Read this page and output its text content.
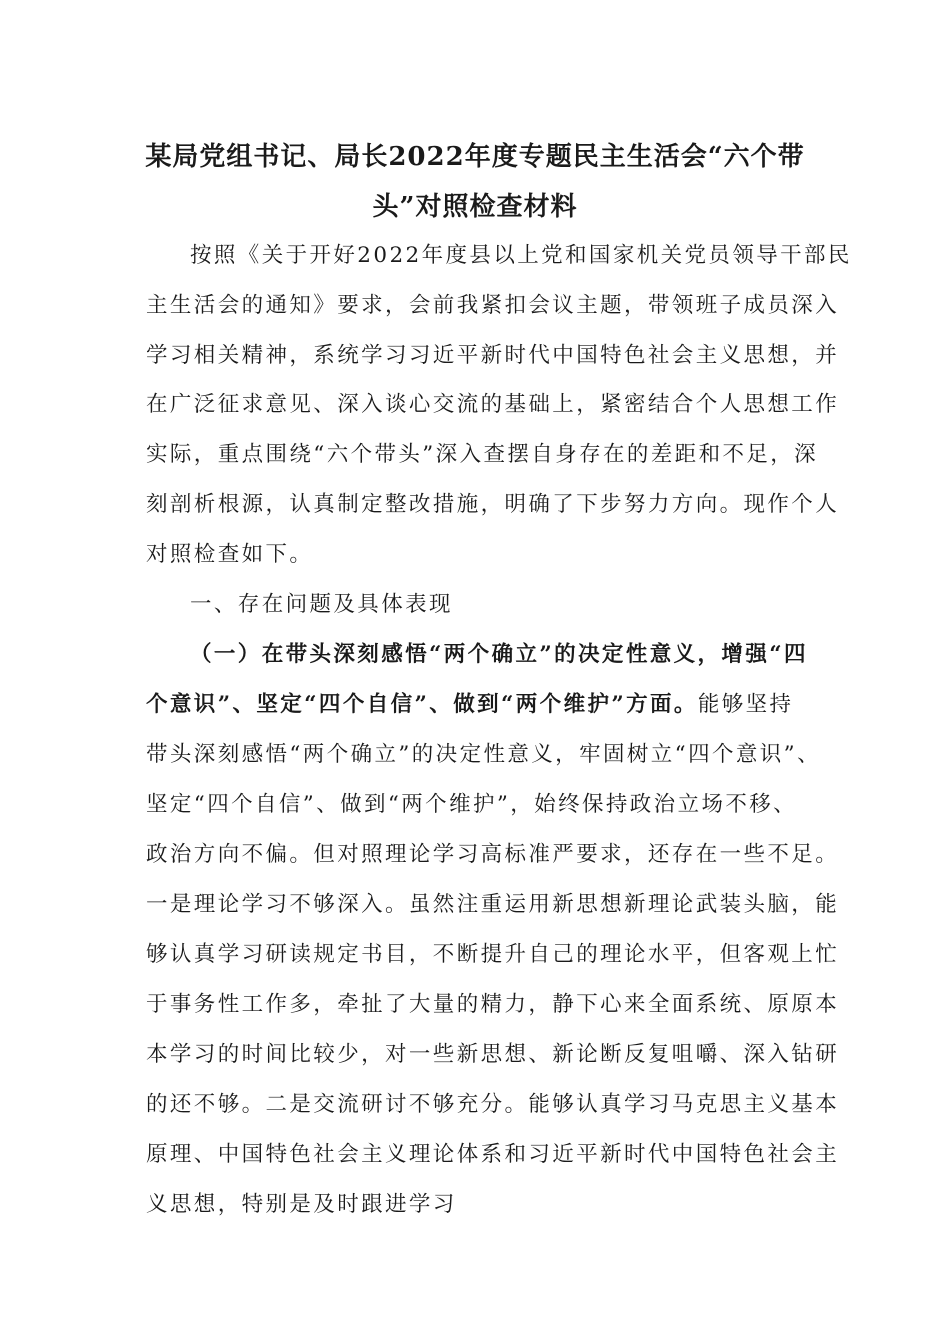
某局党组书记、局长2022年度专题民主生活会“六个带
头”对照检查材料
按照《关于开好2022年度县以上党和国家机关党员领导干部民
主生活会的通知》要求，会前我紧扣会议主题，带领班子成员深入
学习相关精神，系统学习习近平新时代中国特色社会主义思想，并
在广泛征求意见、深入谈心交流的基础上，紧密结合个人思想工作
实际，重点围绕“六个带头”深入查摆自身存在的差距和不足，深
刻剖析根源，认真制定整改措施，明确了下步努力方向。现作个人
对照检查如下。
一、存在问题及具体表现
（一）在带头深刻感悟“两个确立”的决定性意义，增强“四
个意识”、坚定“四个自信”、做到“两个维护”方面。能够坚持
带头深刻感悟“两个确立”的决定性意义，牢固树立“四个意识”、
坚定“四个自信”、做到“两个维护”，始终保持政治立场不移、
政治方向不偏。但对照理论学习高标准严要求，还存在一些不足。
一是理论学习不够深入。虽然注重运用新思想新理论武装头脑，能
够认真学习研读规定书目，不断提升自己的理论水平，但客观上忙
于事务性工作多，牵扯了大量的精力，静下心来全面系统、原原本
本学习的时间比较少，对一些新思想、新论断反复咀嚼、深入钻研
的还不够。二是交流研讨不够充分。能够认真学习马克思主义基本
原理、中国特色社会主义理论体系和习近平新时代中国特色社会主
义思想，特别是及时跟进学习
